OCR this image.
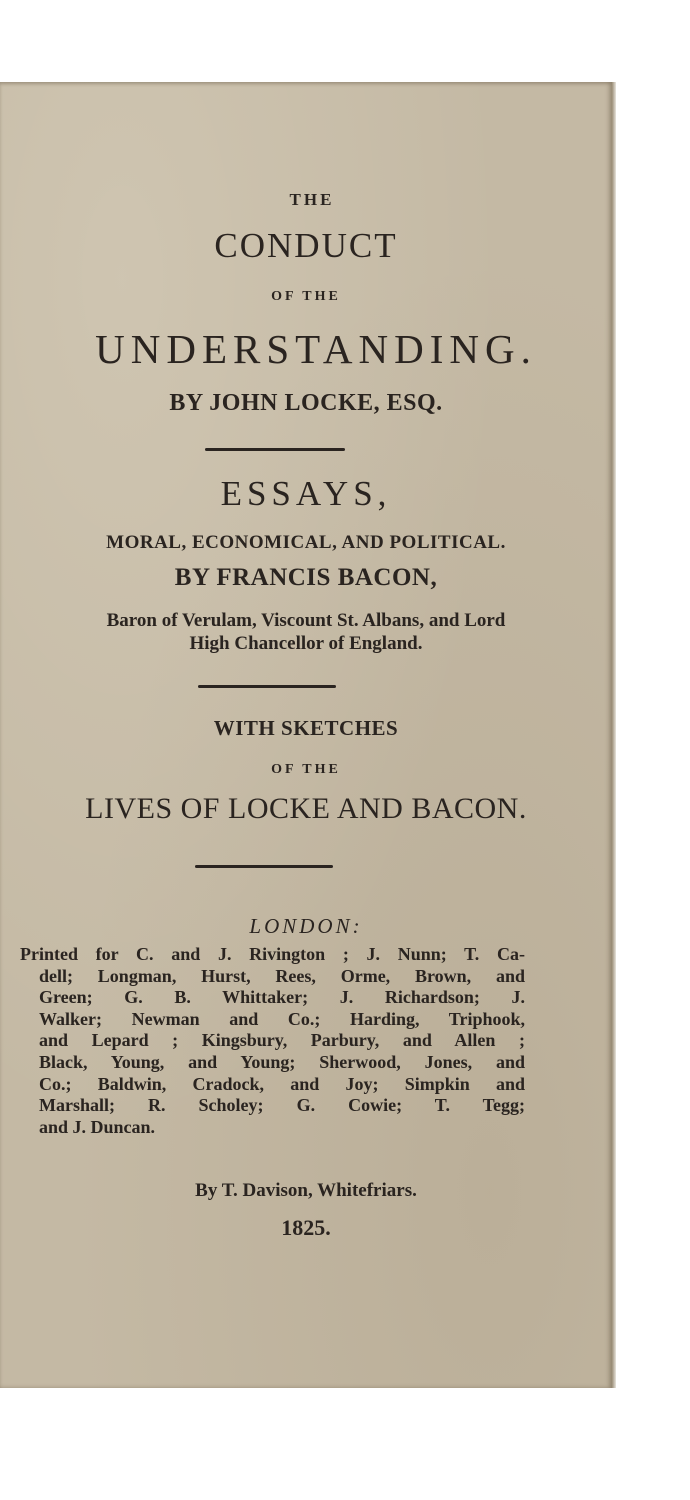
THE
CONDUCT
OF THE
UNDERSTANDING.
BY JOHN LOCKE, ESQ.
ESSAYS,
MORAL, ECONOMICAL, AND POLITICAL.
BY FRANCIS BACON,
Baron of Verulam, Viscount St. Albans, and Lord
High Chancellor of England.
WITH SKETCHES
OF THE
LIVES OF LOCKE AND BACON.
LONDON:
Printed for C. and J. Rivington ; J. Nunn; T. Ca-
dell; Longman, Hurst, Rees, Orme, Brown, and
Green; G. B. Whittaker; J. Richardson; J.
Walker; Newman and Co.; Harding, Triphook,
and Lepard ; Kingsbury, Parbury, and Allen ;
Black, Young, and Young; Sherwood, Jones, and
Co.; Baldwin, Cradock, and Joy; Simpkin and
Marshall; R. Scholey; G. Cowie; T. Tegg;
and J. Duncan.
By T. Davison, Whitefriars.
1825.
